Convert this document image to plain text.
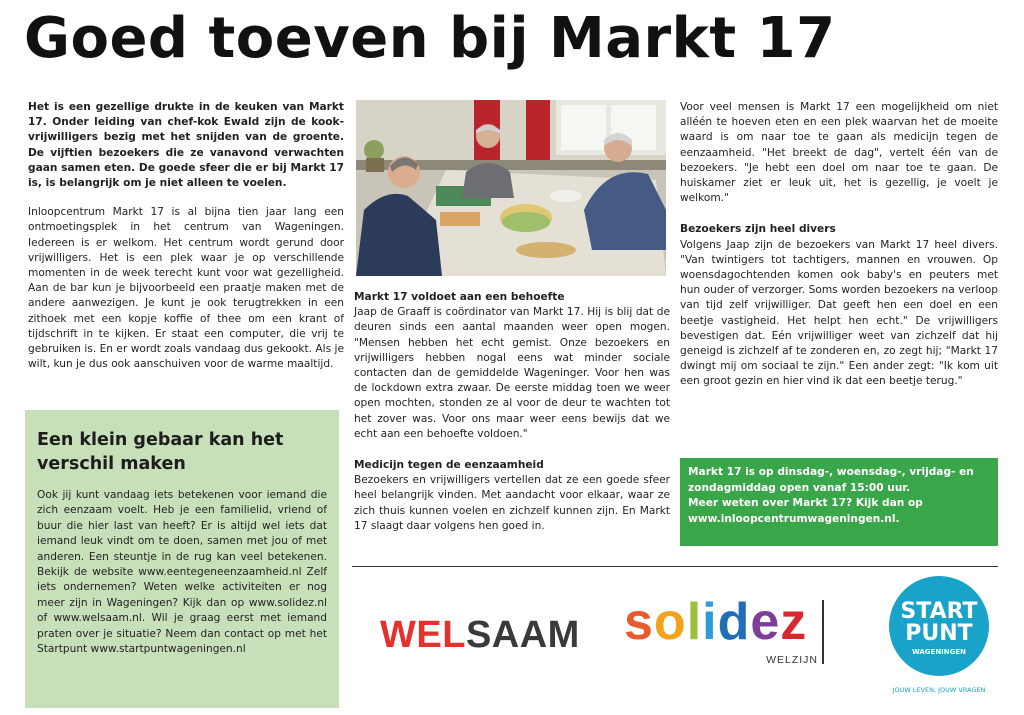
Goed toeven bij Markt 17

Het is een gezellige drukte in de keuken van Markt 17. Onder leiding van chef-kok Ewald zijn de kook-vrijwilligers bezig met het snijden van de groente. De vijftien bezoekers die ze vanavond verwachten gaan samen eten. De goede sfeer die er bij Markt 17 is, is belangrijk om je niet alleen te voelen.

Inloopcentrum Markt 17 is al bijna tien jaar lang een ontmoetingsplek in het centrum van Wageningen. Iedereen is er welkom. Het centrum wordt gerund door vrijwilligers. Het is een plek waar je op verschillende momenten in de week terecht kunt voor wat gezelligheid. Aan de bar kun je bijvoorbeeld een praatje maken met de andere aanwezigen. Je kunt je ook terugtrekken in een zithoek met een kopje koffie of thee om een krant of tijdschrift in te kijken. Er staat een computer, die vrij te gebruiken is. En er wordt zoals vandaag dus gekookt. Als je wilt, kun je dus ook aanschuiven voor de warme maaltijd.

Markt 17 voldoet aan een behoefte

Jaap de Graaff is coördinator van Markt 17. Hij is blij dat de deuren sinds een aantal maanden weer open mogen. "Mensen hebben het echt gemist. Onze bezoekers en vrijwilligers hebben nogal eens wat minder sociale contacten dan de gemiddelde Wageninger. Voor hen was de lockdown extra zwaar. De eerste middag toen we weer open mochten, stonden ze al voor de deur te wachten tot het zover was. Voor ons maar weer eens bewijs dat we echt aan een behoefte voldoen."

Medicijn tegen de eenzaamheid

Bezoekers en vrijwilligers vertellen dat ze een goede sfeer heel belangrijk vinden. Met aandacht voor elkaar, waar ze zich thuis kunnen voelen en zichzelf kunnen zijn. En Markt 17 slaagt daar volgens hen goed in.

Voor veel mensen is Markt 17 een mogelijkheid om niet alléén te hoeven eten en een plek waarvan het de moeite waard is om naar toe te gaan als medicijn tegen de eenzaamheid. "Het breekt de dag", vertelt één van de bezoekers. "Je hebt een doel om naar toe te gaan. De huiskamer ziet er leuk uit, het is gezellig, je voelt je welkom."

Bezoekers zijn heel divers

Volgens Jaap zijn de bezoekers van Markt 17 heel divers. "Van twintigers tot tachtigers, mannen en vrouwen. Op woensdagochtenden komen ook baby's en peuters met hun ouder of verzorger. Soms worden bezoekers na verloop van tijd zelf vrijwilliger. Dat geeft hen een doel en een beetje vastigheid. Het helpt hen echt." De vrijwilligers bevestigen dat. Eén vrijwilliger weet van zichzelf dat hij geneigd is zichzelf af te zonderen en, zo zegt hij; "Markt 17 dwingt mij om sociaal te zijn." Een ander zegt: "Ik kom uit een groot gezin en hier vind ik dat een beetje terug."

Een klein gebaar kan het verschil maken
Ook jij kunt vandaag iets betekenen voor iemand die zich eenzaam voelt. Heb je een familielid, vriend of buur die hier last van heeft? Er is altijd wel iets dat iemand leuk vindt om te doen, samen met jou of met anderen. Een steuntje in de rug kan veel betekenen. Bekijk de website www.eentegeneenzaamheid.nl Zelf iets ondernemen? Weten welke activiteiten er nog meer zijn in Wageningen? Kijk dan op www.solidez.nl of www.welsaam.nl. Wil je graag eerst met iemand praten over je situatie? Neem dan contact op met het Startpunt www.startpuntwageningen.nl
Markt 17 is op dinsdag-, woensdag-, vrijdag- en zondagmiddag open vanaf 15:00 uur.
Meer weten over Markt 17? Kijk dan op www.inloopcentrumwageningen.nl.
WELSAAM solidez
WELZIJN
START
PUNT
WAGENINGEN
JOUW LEVEN, JOUW VRAGEN
